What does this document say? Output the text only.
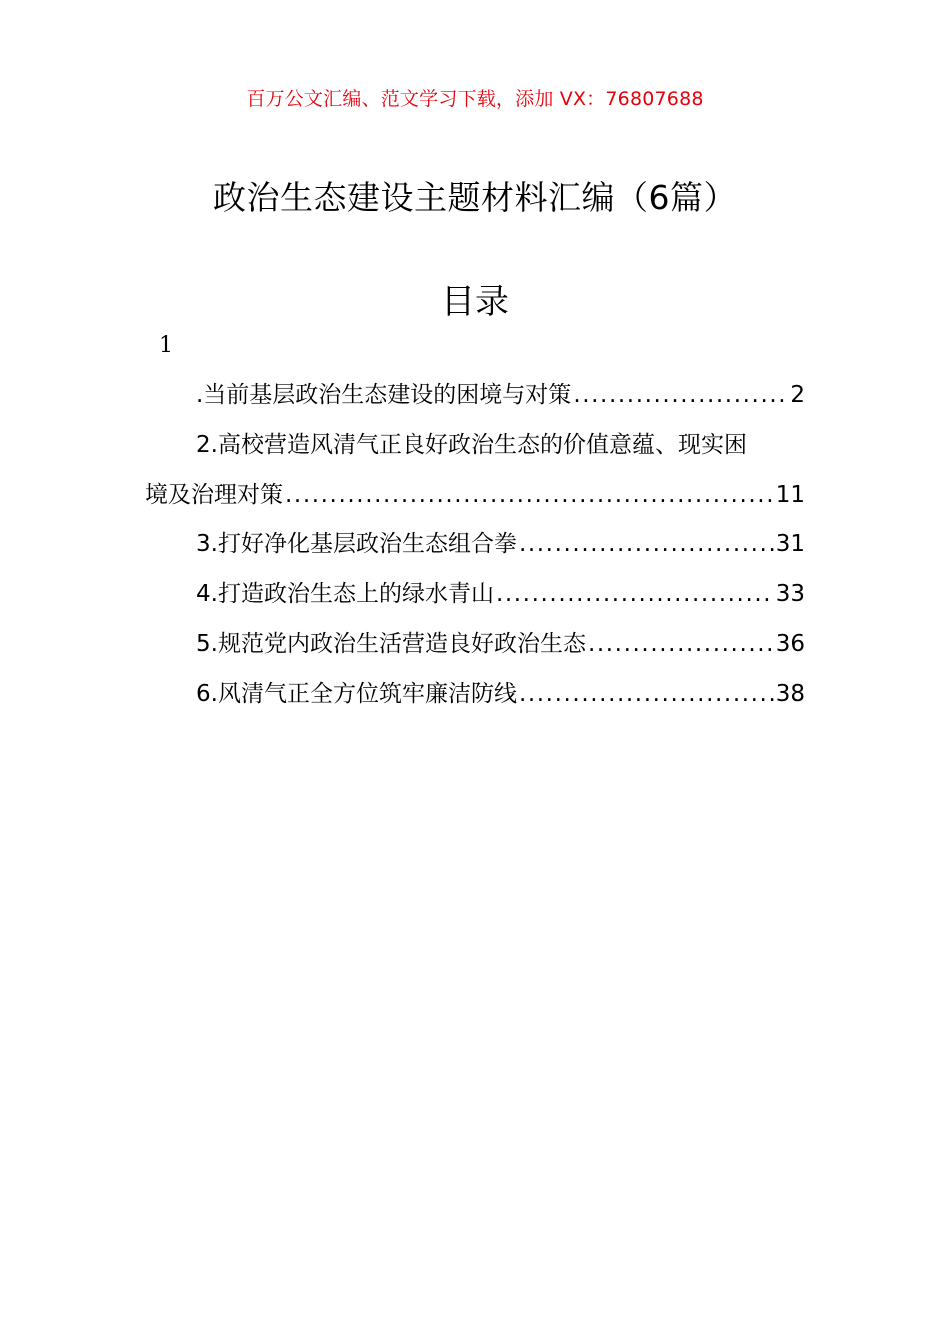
百万公文汇编、范文学习下载，添加 VX：76807688
政治生态建设主题材料汇编（6篇）
目录
1
.当前基层政治生态建设的困境与对策 .....	2
2.高校营造风清气正良好政治生态的价值意蕴、现实困
境及治理对策 .....	11
3.打好净化基层政治生态组合拳 .....	31
4.打造政治生态上的绿水青山 .....	33
5.规范党内政治生活营造良好政治生态 .....	36
6.风清气正全方位筑牢廉洁防线 .....	38
